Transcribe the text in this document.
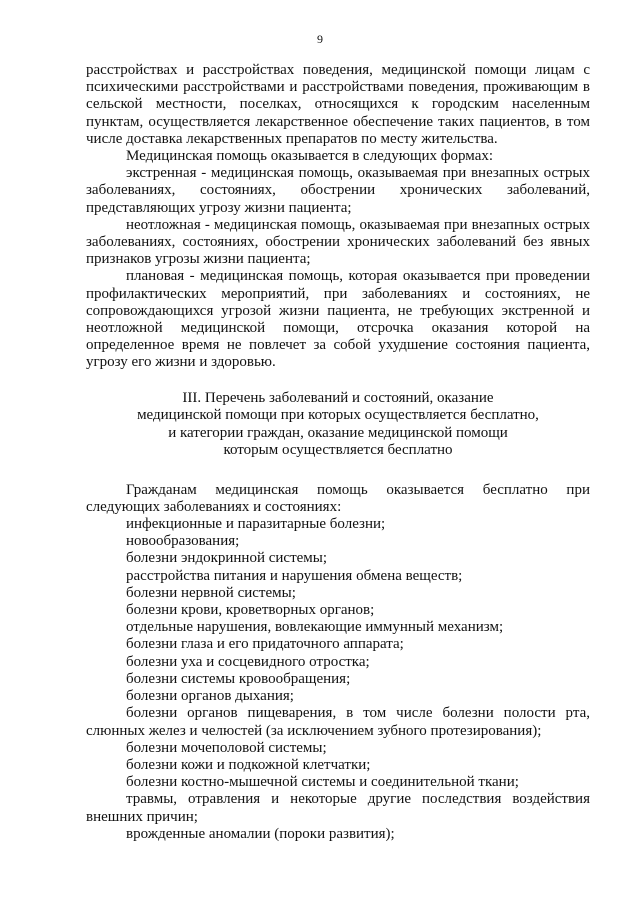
9

расстройствах и расстройствах поведения, медицинской помощи лицам с психическими расстройствами и расстройствами поведения, проживающим в сельской местности, поселках, относящихся к городским населенным пунктам, осуществляется лекарственное обеспечение таких пациентов, в том числе доставка лекарственных препаратов по месту жительства.

Медицинская помощь оказывается в следующих формах:

экстренная - медицинская помощь, оказываемая при внезапных острых заболеваниях, состояниях, обострении хронических заболеваний, представляющих угрозу жизни пациента;

неотложная - медицинская помощь, оказываемая при внезапных острых заболеваниях, состояниях, обострении хронических заболеваний без явных признаков угрозы жизни пациента;

плановая - медицинская помощь, которая оказывается при проведении профилактических мероприятий, при заболеваниях и состояниях, не сопровождающихся угрозой жизни пациента, не требующих экстренной и неотложной медицинской помощи, отсрочка оказания которой на определенное время не повлечет за собой ухудшение состояния пациента, угрозу его жизни и здоровью.

III. Перечень заболеваний и состояний, оказание
медицинской помощи при которых осуществляется бесплатно,
и категории граждан, оказание медицинской помощи
которым осуществляется бесплатно

Гражданам медицинская помощь оказывается бесплатно при следующих заболеваниях и состояниях:

инфекционные и паразитарные болезни;

новообразования;

болезни эндокринной системы;

расстройства питания и нарушения обмена веществ;

болезни нервной системы;

болезни крови, кроветворных органов;

отдельные нарушения, вовлекающие иммунный механизм;

болезни глаза и его придаточного аппарата;

болезни уха и сосцевидного отростка;

болезни системы кровообращения;

болезни органов дыхания;

болезни органов пищеварения, в том числе болезни полости рта, слюнных желез и челюстей (за исключением зубного протезирования);

болезни мочеполовой системы;

болезни кожи и подкожной клетчатки;

болезни костно-мышечной системы и соединительной ткани;

травмы, отравления и некоторые другие последствия воздействия внешних причин;

врожденные аномалии (пороки развития);
